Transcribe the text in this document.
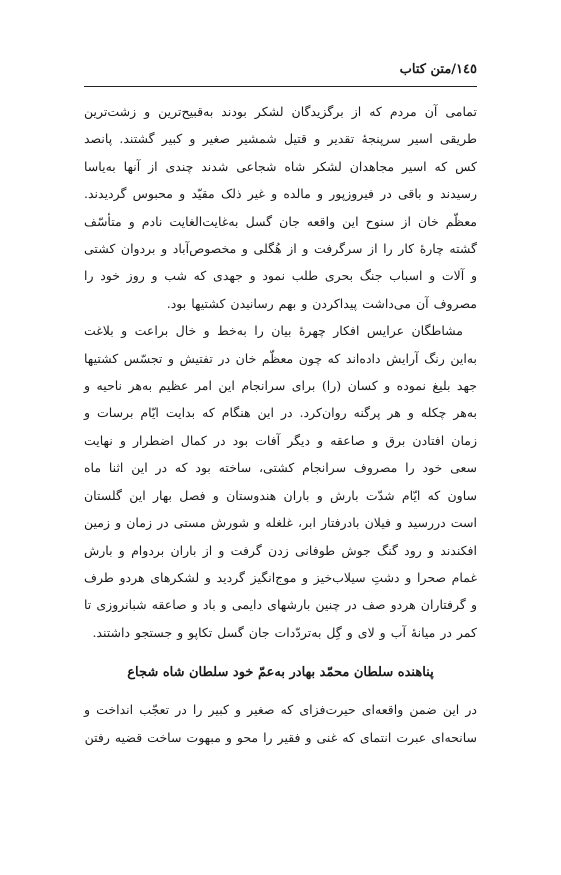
١٤٥/متن کتاب

تمامی آن مردم که از برگزیدگان لشکر بودند به‌قبیح‌ترین و زشت‌ترین طریقی اسیر سرپنجهٔ تقدیر و قتیل شمشیر صغیر و کبیر گشتند. پانصد کس که اسیر مجاهدان لشکر شاه شجاعی شدند چندی از آنها به‌یاسا رسیدند و باقی در فیروزپور و مالده و غیر ذلک مقیّد و محبوس گردیدند. معظّم خان از سنوح این واقعه جان گسل به‌غایت‌الغایت نادم و متأسّف گشته چارهٔ کار را از سرگرفت و از هُگلی و مخصوص‌آباد و بردوان کشتی و آلات و اسباب جنگ بحری طلب نمود و جهدی که شب و روز خود را مصروف آن می‌داشت پیداکردن و بهم رسانیدن کشتیها بود.

مشاطگان عرایس افکار چهرهٔ بیان را به‌خط و خال براعت و بلاغت به‌این رنگ آرایش داده‌اند که چون معظّم خان در تفتیش و تجسّس کشتیها جهد بلیغ نموده و کسان (را) برای سرانجام این امر عظیم به‌هر ناحیه و به‌هر چکله و هر پرگنه روان‌کرد. در این هنگام که بدایت ایّام برسات و زمان افتادن برق و صاعقه و دیگر آفات بود در کمال اضطرار و نهایت سعی خود را مصروف سرانجام کشتی، ساخته بود که در این اثنا ماه ساون که ایّام شدّت بارش و باران هندوستان و فصل بهار این گلستان است دررسید و فیلان بادرفتار ابر، غلغله و شورش مستی در زمان و زمین افکندند و رود گنگ جوش طوفانی زدن گرفت و از باران بردوام و بارش غمام صحرا و دشتِ سیلاب‌خیز و موج‌انگیز گردید و لشکرهای هردو طرف و گرفتاران هردو صف در چنین بارشهای دایمی و باد و صاعقه شبانروزی تا کمر در میانهٔ آب و لای و گِل به‌تردّدات جان گسل تکاپو و جستجو داشتند.

پناهنده سلطان محمّد بهادر به‌عمّ خود سلطان شاه شجاع

در این ضمن واقعه‌ای حیرت‌فزای که صغیر و کبیر را در تعجّب انداخت و سانحه‌ای عبرت انتمای که غنی و فقیر را محو و مبهوت ساخت قضیه رفتن
